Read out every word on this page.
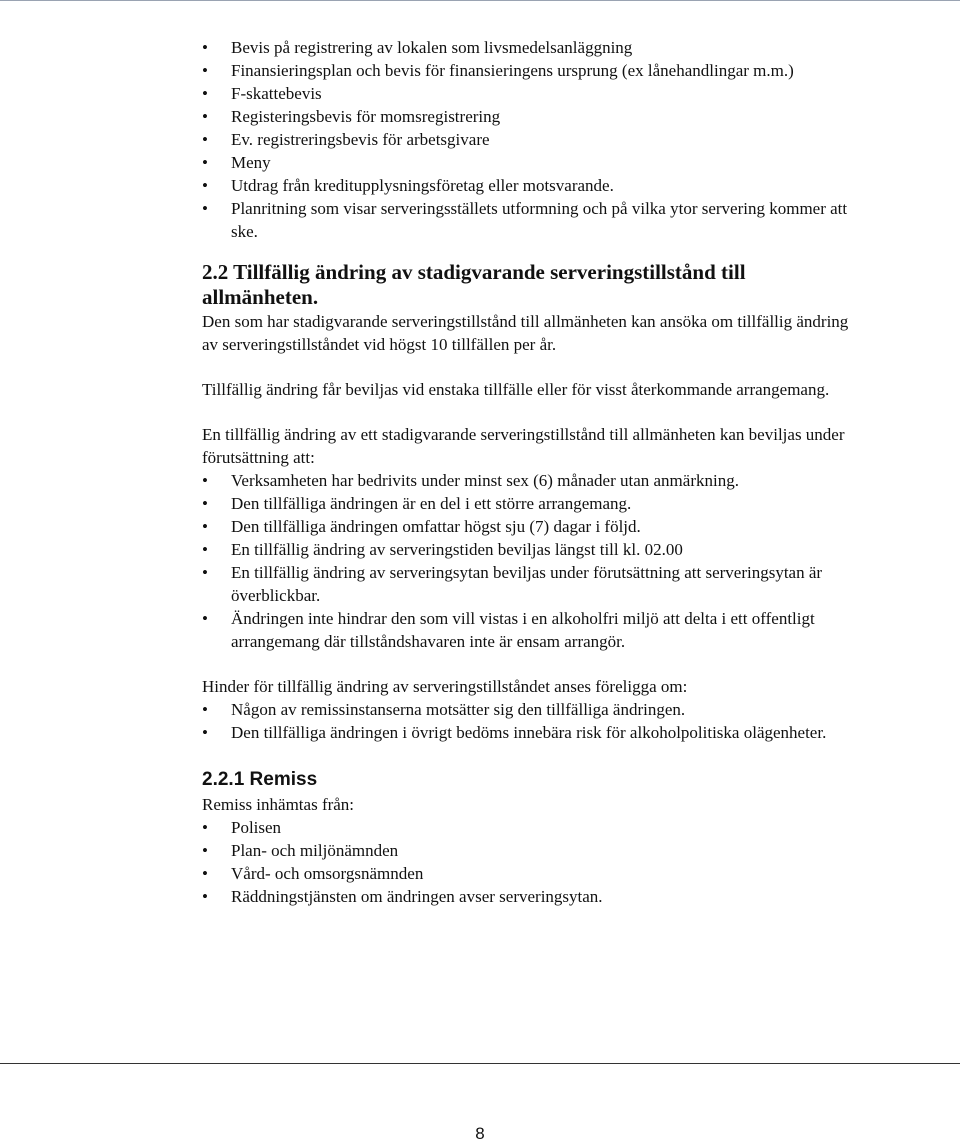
• Bevis på registrering av lokalen som livsmedelsanläggning
• Finansieringsplan och bevis för finansieringens ursprung (ex lånehandlingar m.m.)
• F-skattebevis
• Registeringsbevis för momsregistrering
• Ev. registreringsbevis för arbetsgivare
• Meny
• Utdrag från kreditupplysningsföretag eller motsvarande.
• Planritning som visar serveringsställets utformning och på vilka ytor servering kommer att ske.
2.2 Tillfällig ändring av stadigvarande serveringstillstånd till allmänheten.

Den som har stadigvarande serveringstillstånd till allmänheten kan ansöka om tillfällig ändring av serveringstillståndet vid högst 10 tillfällen per år.

Tillfällig ändring får beviljas vid enstaka tillfälle eller för visst återkommande arrangemang.

En tillfällig ändring av ett stadigvarande serveringstillstånd till allmänheten kan beviljas under förutsättning att:

• Verksamheten har bedrivits under minst sex (6) månader utan anmärkning.
• Den tillfälliga ändringen är en del i ett större arrangemang.
• Den tillfälliga ändringen omfattar högst sju (7) dagar i följd.
• En tillfällig ändring av serveringstiden beviljas längst till kl. 02.00
• En tillfällig ändring av serveringsytan beviljas under förutsättning att serveringsytan är överblickbar.
• Ändringen inte hindrar den som vill vistas i en alkoholfri miljö att delta i ett offentligt arrangemang där tillståndshavaren inte är ensam arrangör.

Hinder för tillfällig ändring av serveringstillståndet anses föreligga om:

• Någon av remissinstanserna motsätter sig den tillfälliga ändringen.
• Den tillfälliga ändringen i övrigt bedöms innebära risk för alkoholpolitiska olägenheter.
2.2.1 Remiss

Remiss inhämtas från:

• Polisen
• Plan- och miljönämnden
• Vård- och omsorgsnämnden
• Räddningstjänsten om ändringen avser serveringsytan.
8
